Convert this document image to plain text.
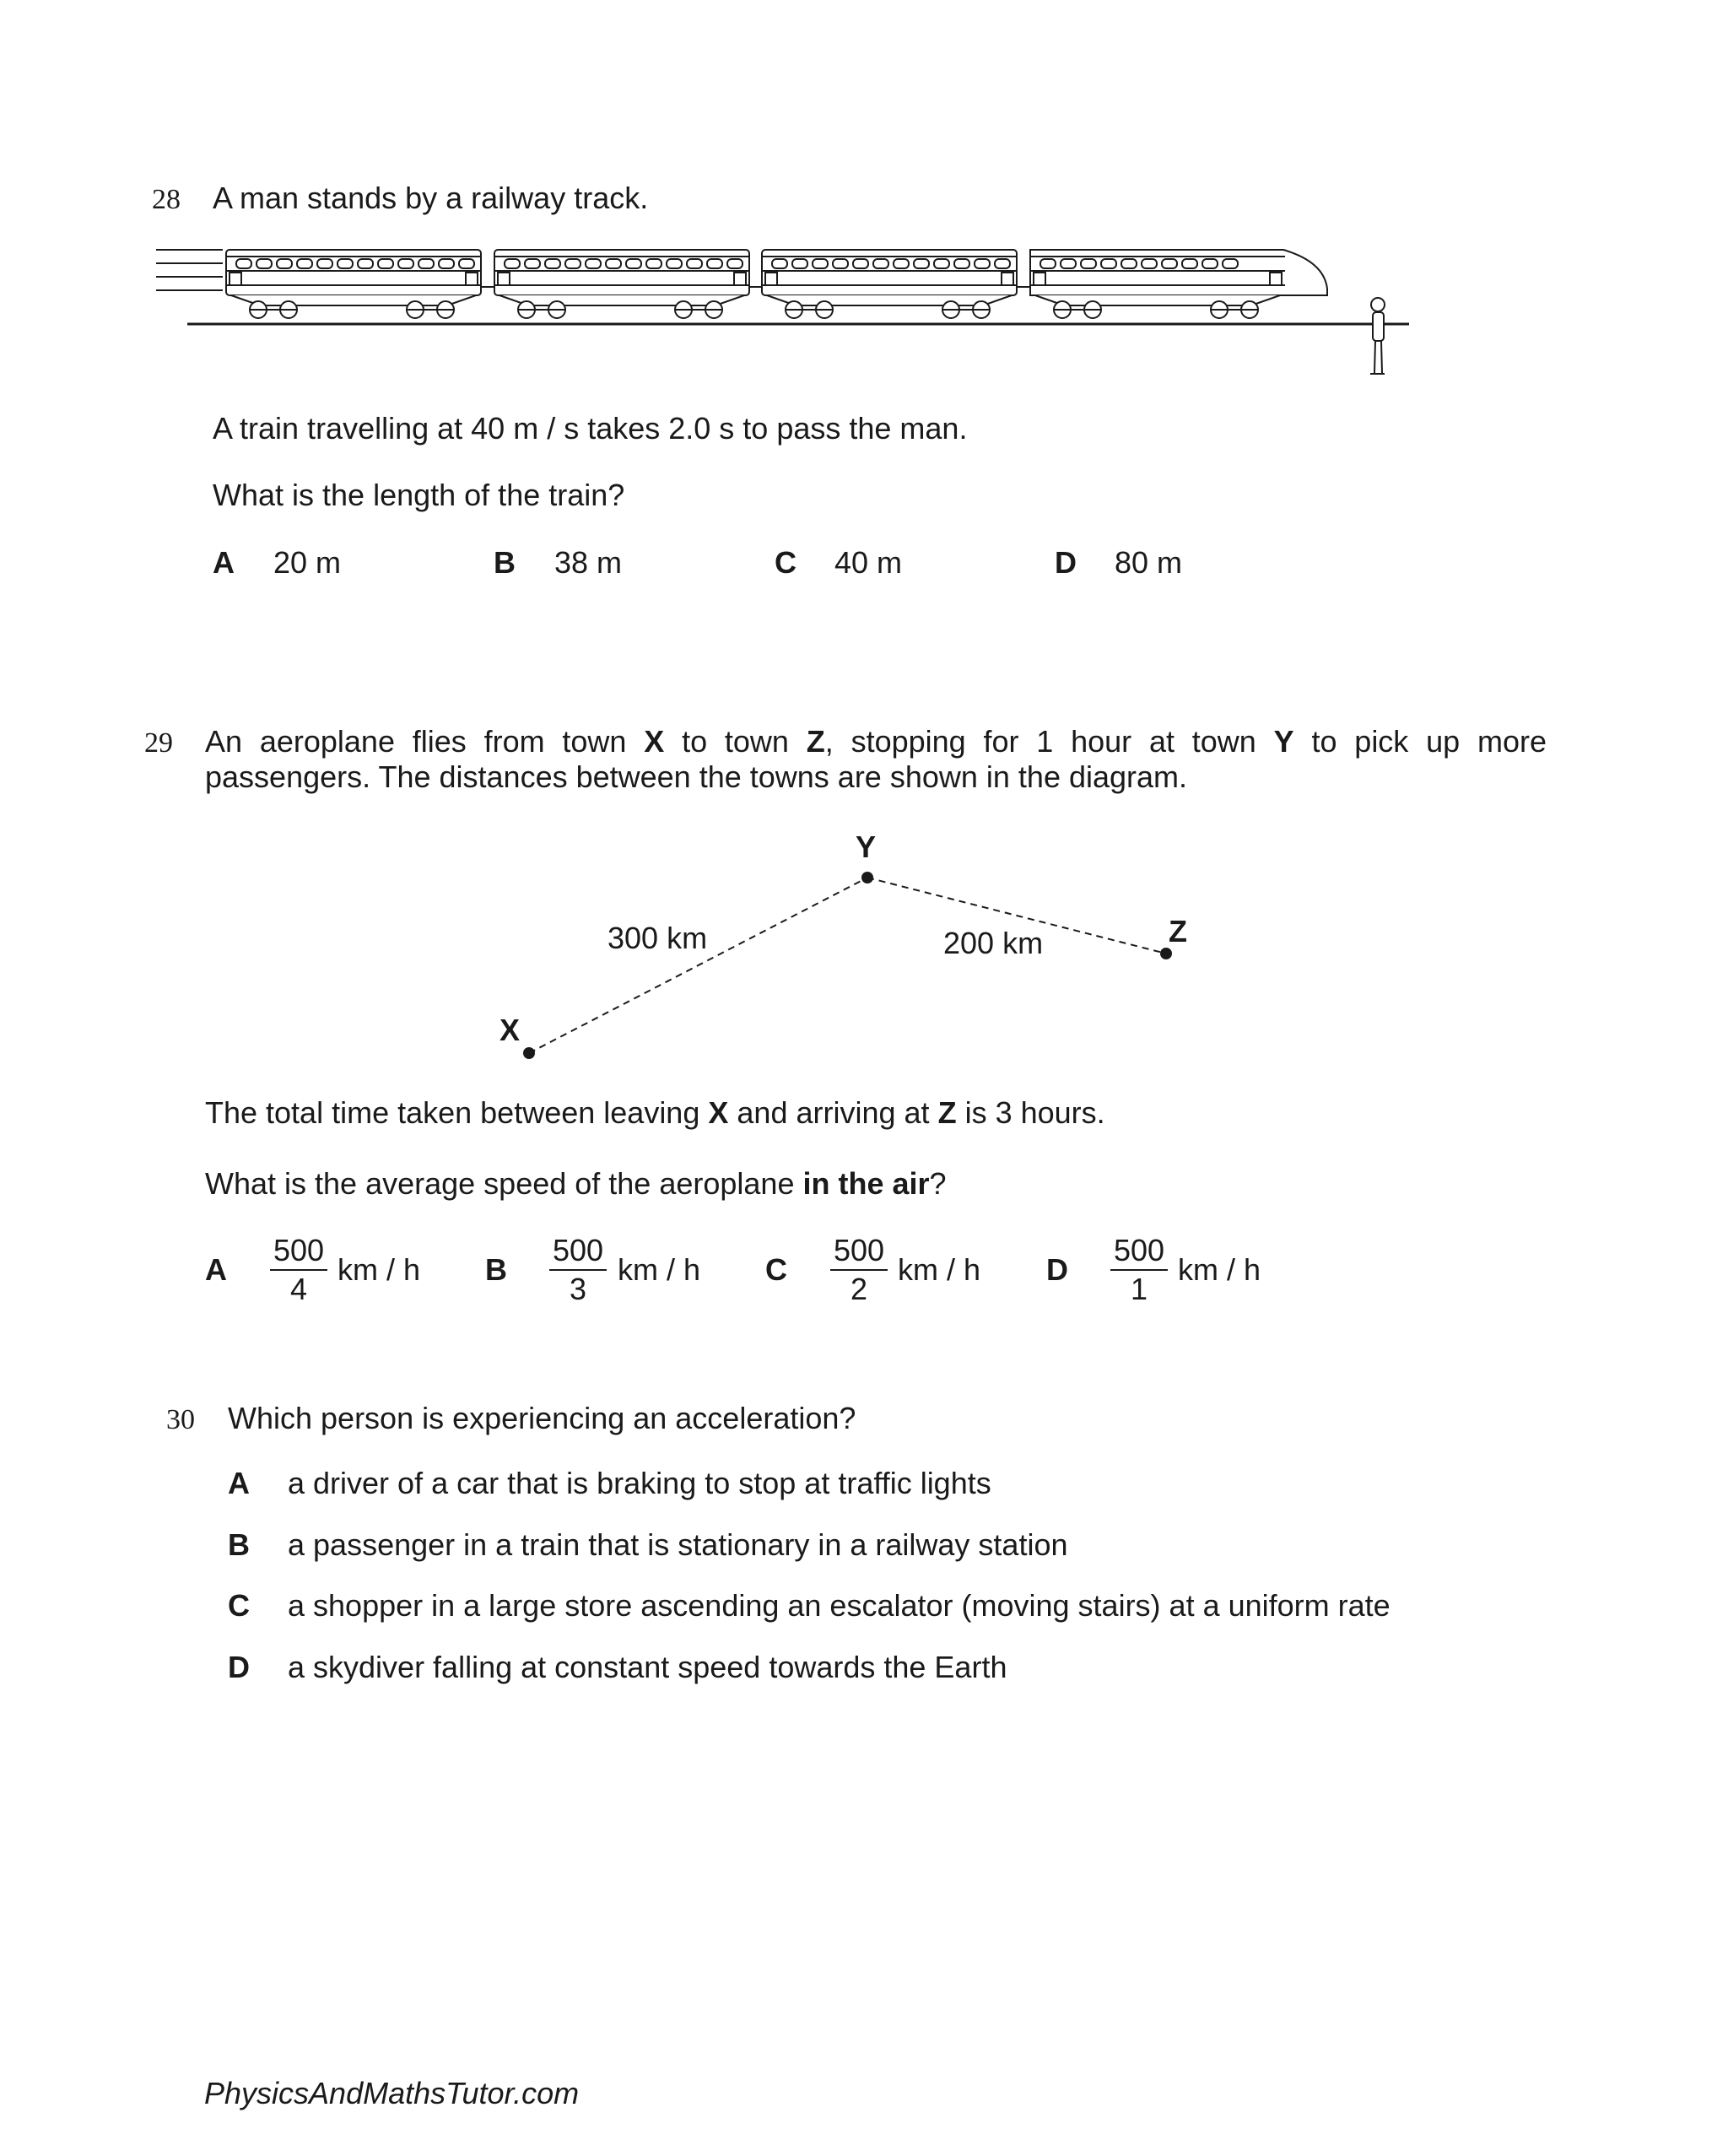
28 A man stands by a railway track.
A train travelling at 40 m / s takes 2.0 s to pass the man.
What is the length of the train?
A 20 m	B 38 m	C 40 m	D 80 m
29 An aeroplane flies from town X to town Z, stopping for 1 hour at town Y to pick up more
passengers. The distances between the towns are shown in the diagram.
X
Y
Z
300 km	200 km
The total time taken between leaving X and arriving at Z is 3 hours.
What is the average speed of the aeroplane in the air?
A
500
4
km / h B
500
3
km / h C
500
2
km / h D
500
1
km / h
30 Which person is experiencing an acceleration?
A a driver of a car that is braking to stop at traffic lights
B a passenger in a train that is stationary in a railway station
C a shopper in a large store ascending an escalator (moving stairs) at a uniform rate
D a skydiver falling at constant speed towards the Earth
PhysicsAndMathsTutor.com
